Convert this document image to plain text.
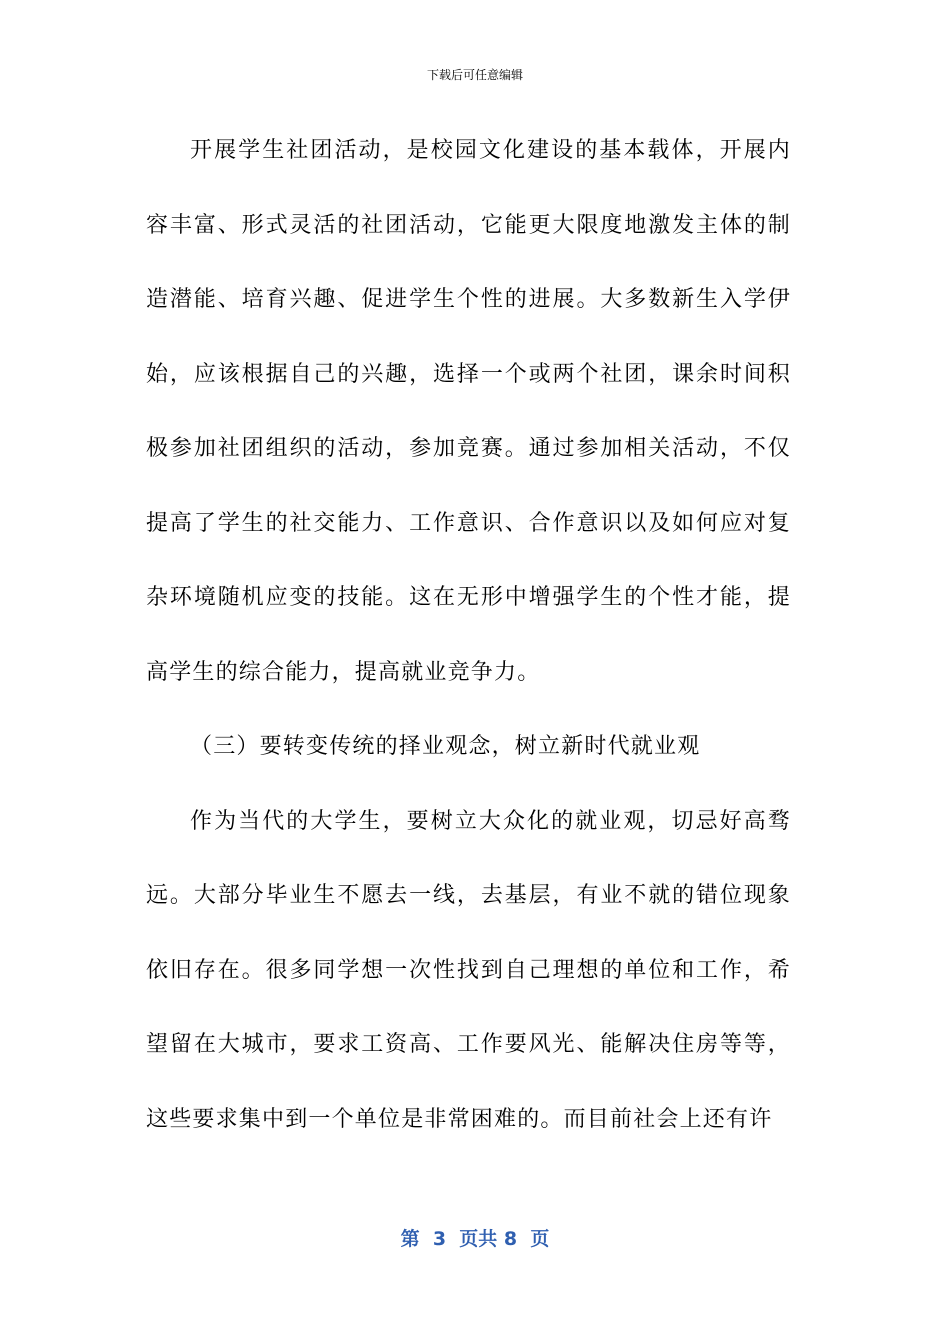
下载后可任意编辑

开展学生社团活动，是校园文化建设的基本载体，开展内容丰富、形式灵活的社团活动，它能更大限度地激发主体的制造潜能、培育兴趣、促进学生个性的进展。大多数新生入学伊始，应该根据自己的兴趣，选择一个或两个社团，课余时间积极参加社团组织的活动，参加竞赛。通过参加相关活动，不仅提高了学生的社交能力、工作意识、合作意识以及如何应对复杂环境随机应变的技能。这在无形中增强学生的个性才能，提高学生的综合能力，提高就业竞争力。

（三）要转变传统的择业观念，树立新时代就业观

作为当代的大学生，要树立大众化的就业观，切忌好高骛远。大部分毕业生不愿去一线，去基层，有业不就的错位现象依旧存在。很多同学想一次性找到自己理想的单位和工作，希望留在大城市，要求工资高、工作要风光、能解决住房等等，这些要求集中到一个单位是非常困难的。而目前社会上还有许

第  3  页共 8  页
